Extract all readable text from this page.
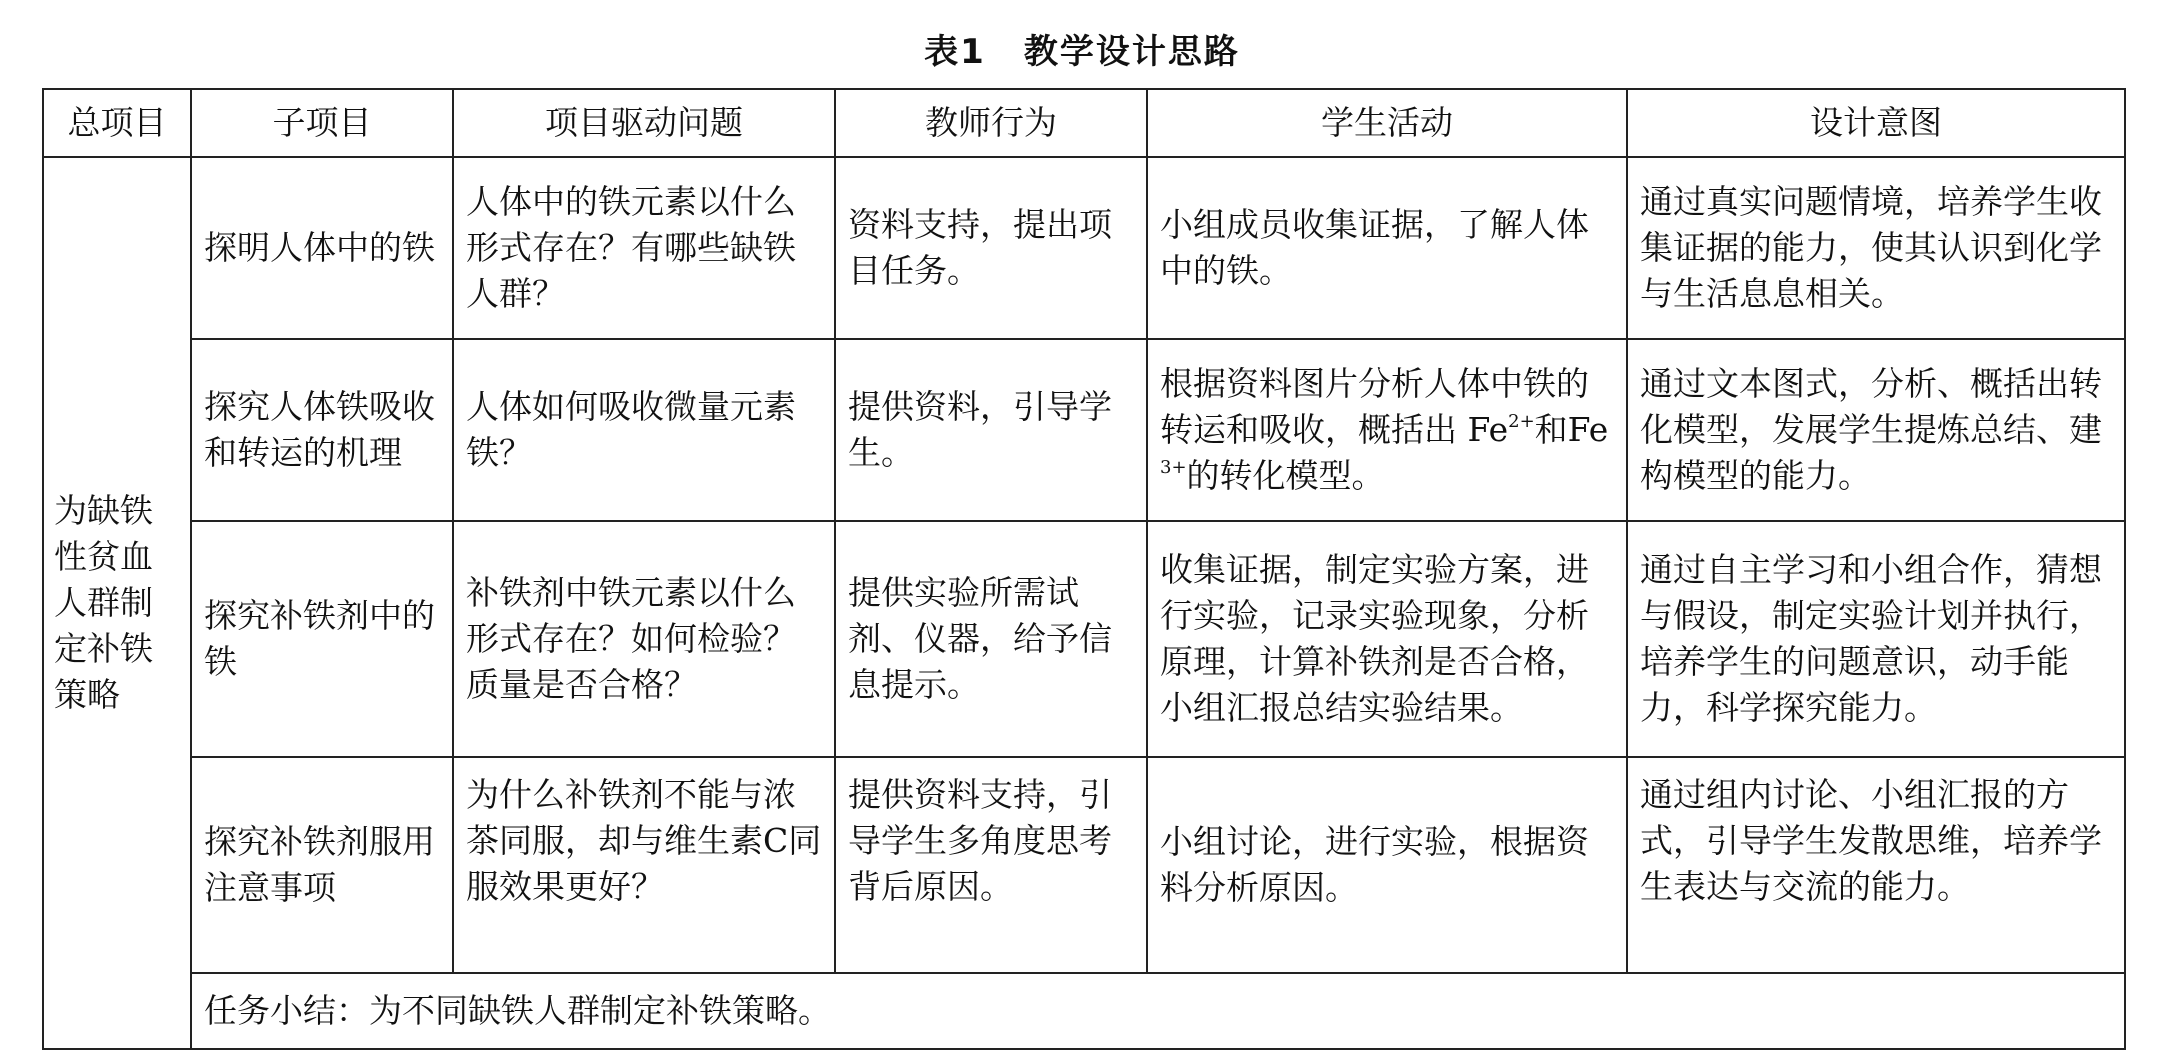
表1 教学设计思路
总项目	子项目	项目驱动问题	教师行为	学生活动	设计意图
为缺铁性贫血人群制定补铁策略	探明人体中的铁	人体中的铁元素以什么形式存在？有哪些缺铁人群？	资料支持，提出项目任务。	小组成员收集证据，了解人体中的铁。	通过真实问题情境，培养学生收集证据的能力，使其认识到化学与生活息息相关。
	探究人体铁吸收和转运的机理	人体如何吸收微量元素铁？	提供资料，引导学生。	根据资料图片分析人体中铁的转运和吸收，概括出 $Fe^{2+}$和$Fe^{3+}$的转化模型。	通过文本图式，分析、概括出转化模型，发展学生提炼总结、建构模型的能力。
	探究补铁剂中的铁	补铁剂中铁元素以什么形式存在？如何检验？质量是否合格？	提供实验所需试剂、仪器，给予信息提示。	收集证据，制定实验方案，进行实验，记录实验现象，分析原理，计算补铁剂是否合格，小组汇报总结实验结果。	通过自主学习和小组合作，猜想与假设，制定实验计划并执行，培养学生的问题意识，动手能力，科学探究能力。
	探究补铁剂服用注意事项	为什么补铁剂不能与浓茶同服，却与维生素C同服效果更好？	提供资料支持，引导学生多角度思考背后原因。	小组讨论，进行实验，根据资料分析原因。	通过组内讨论、小组汇报的方式，引导学生发散思维，培养学生表达与交流的能力。
	任务小结：为不同缺铁人群制定补铁策略。				
